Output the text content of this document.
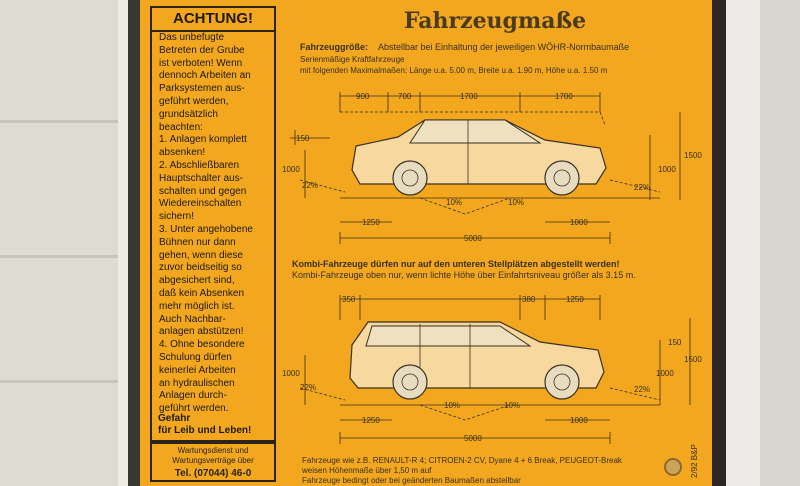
ACHTUNG!
Das unbefugte
Betreten der Grube
ist verboten! Wenn
dennoch Arbeiten an
Parksystemen aus-
geführt werden,
grundsätzlich
beachten:
1. Anlagen komplett
absenken!
2. Abschließbaren
Hauptschalter aus-
schalten und gegen
Wiedereinschalten
sichern!
3. Unter angehobene
Bühnen nur dann
gehen, wenn diese
zuvor beidseitig so
abgesichert sind,
daß kein Absenken
mehr möglich ist.
Auch Nachbar-
anlagen abstützen!
4. Ohne besondere
Schulung dürfen
keinerlei Arbeiten
an hydraulischen
Anlagen durch-
geführt werden.
Gefahr
für Leib und Leben!
Wartungsdienst und
Wartungsverträge über
Tel. (07044) 46-0
Fahrzeugmaße
Fahrzeuggröße: Abstellbar bei Einhaltung der jeweiligen WÖHR-Normbaumaße
Serienmäßige Kraftfahrzeuge
mit folgenden Maximalmaßen: Länge u.a. 5.00 m, Breite u.a. 1.90 m, Höhe u.a. 1.50 m
Kombi-Fahrzeuge dürfen nur auf den unteren Stellplätzen abgestellt werden!
Kombi-Fahrzeuge oben nur, wenn lichte Höhe über Einfahrtsniveau größer als 3.15 m.
Fahrzeuge wie z.B. RENAULT-R 4; CITROEN-2 CV, Dyane 4 + 6 Break, PEUGEOT-Break
weisen Höhenmaße über 1,50 m auf
Fahrzeuge bedingt oder bei geänderten Baumaßen abstellbar
2/92 B&P
900	700	1700	1700
150
1000	1000
1500
22%	22%
10%	10%
1250	1000
5000
350	380	1250
150
1000	1000
1500
22%	22%
10%	10%
1250	1000
5000
